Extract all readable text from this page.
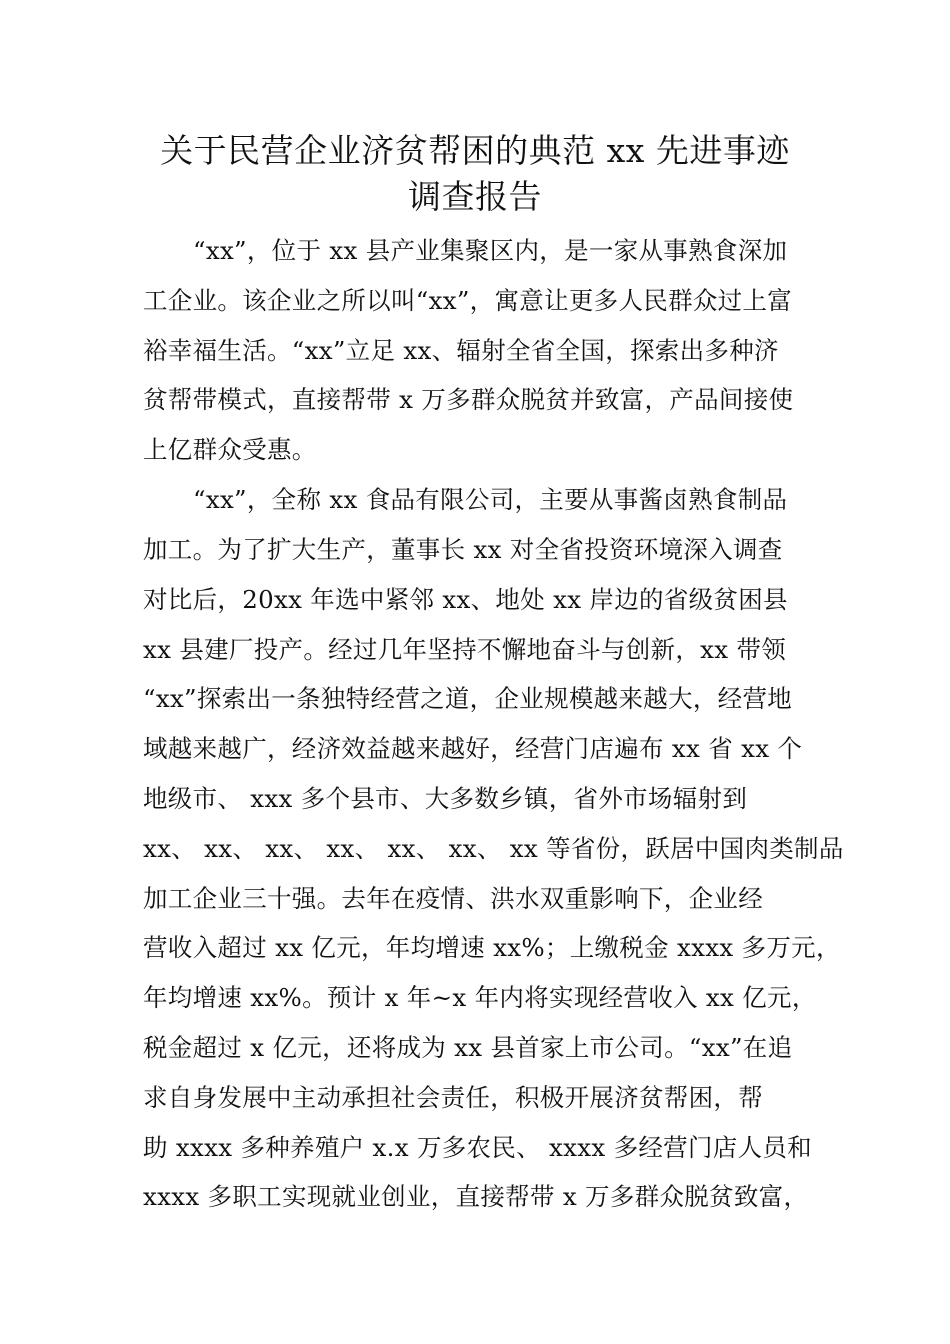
关于民营企业济贫帮困的典范 xx 先进事迹
调查报告

“xx”，位于 xx 县产业集聚区内，是一家从事熟食深加

工企业。该企业之所以叫“xx”，寓意让更多人民群众过上富

裕幸福生活。“xx”立足 xx、辐射全省全国，探索出多种济

贫帮带模式，直接帮带 x 万多群众脱贫并致富，产品间接使

上亿群众受惠。

“xx”，全称 xx 食品有限公司，主要从事酱卤熟食制品

加工。为了扩大生产，董事长 xx 对全省投资环境深入调查

对比后，20xx 年选中紧邻 xx、地处 xx 岸边的省级贫困县

xx 县建厂投产。经过几年坚持不懈地奋斗与创新，xx 带领

“xx”探索出一条独特经营之道，企业规模越来越大，经营地

域越来越广，经济效益越来越好，经营门店遍布 xx 省 xx 个

地级市、 xxx 多个县市、大多数乡镇，省外市场辐射到

xx、 xx、 xx、 xx、 xx、 xx、 xx 等省份，跃居中国肉类制品

加工企业三十强。去年在疫情、洪水双重影响下，企业经

营收入超过 xx 亿元，年均增速 xx%；上缴税金 xxxx 多万元，

年均增速 xx%。预计 x 年~x 年内将实现经营收入 xx 亿元，

税金超过 x 亿元，还将成为 xx 县首家上市公司。“xx”在追

求自身发展中主动承担社会责任，积极开展济贫帮困，帮

助 xxxx 多种养殖户 x.x 万多农民、 xxxx 多经营门店人员和

xxxx 多职工实现就业创业，直接帮带 x 万多群众脱贫致富，
